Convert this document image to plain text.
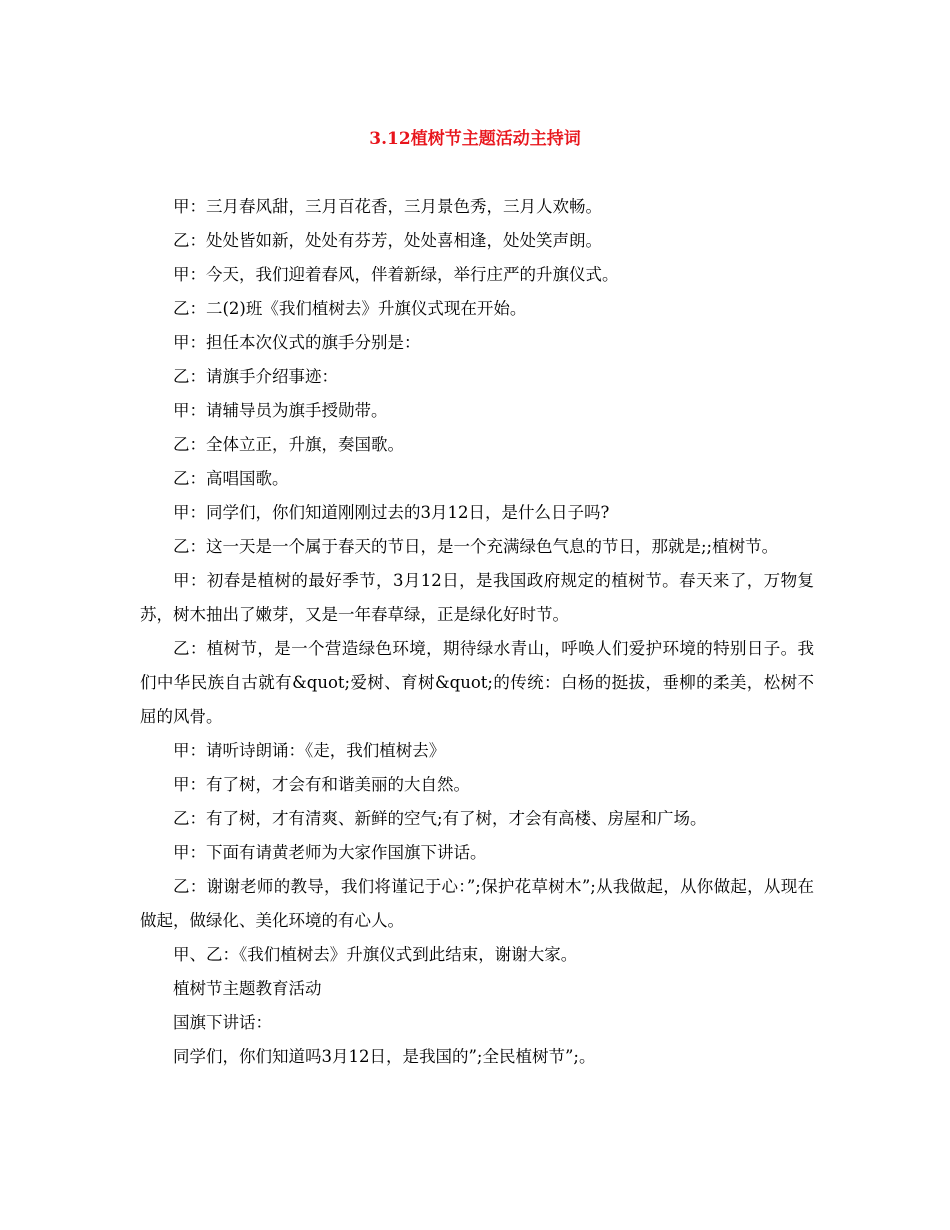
3.12植树节主题活动主持词

甲：三月春风甜，三月百花香，三月景色秀，三月人欢畅。

乙：处处皆如新，处处有芬芳，处处喜相逢，处处笑声朗。

甲：今天，我们迎着春风，伴着新绿，举行庄严的升旗仪式。

乙：二(2)班《我们植树去》升旗仪式现在开始。

甲：担任本次仪式的旗手分别是：

乙：请旗手介绍事迹：

甲：请辅导员为旗手授勋带。

乙：全体立正，升旗，奏国歌。

乙：高唱国歌。

甲：同学们，你们知道刚刚过去的3月12日，是什么日子吗?

乙：这一天是一个属于春天的节日，是一个充满绿色气息的节日，那就是;;植树节。

甲：初春是植树的最好季节，3月12日，是我国政府规定的植树节。春天来了，万物复苏，树木抽出了嫩芽，又是一年春草绿，正是绿化好时节。

乙：植树节，是一个营造绿色环境，期待绿水青山，呼唤人们爱护环境的特别日子。我们中华民族自古就有&quot;爱树、育树&quot;的传统：白杨的挺拔，垂柳的柔美，松树不屈的风骨。

甲：请听诗朗诵：《走，我们植树去》

甲：有了树，才会有和谐美丽的大自然。

乙：有了树，才有清爽、新鲜的空气;有了树，才会有高楼、房屋和广场。

甲：下面有请黄老师为大家作国旗下讲话。

乙：谢谢老师的教导，我们将谨记于心：”;保护花草树木”;从我做起，从你做起，从现在做起，做绿化、美化环境的有心人。

甲、乙：《我们植树去》升旗仪式到此结束，谢谢大家。

植树节主题教育活动

国旗下讲话：

同学们，你们知道吗3月12日，是我国的”;全民植树节”;。
